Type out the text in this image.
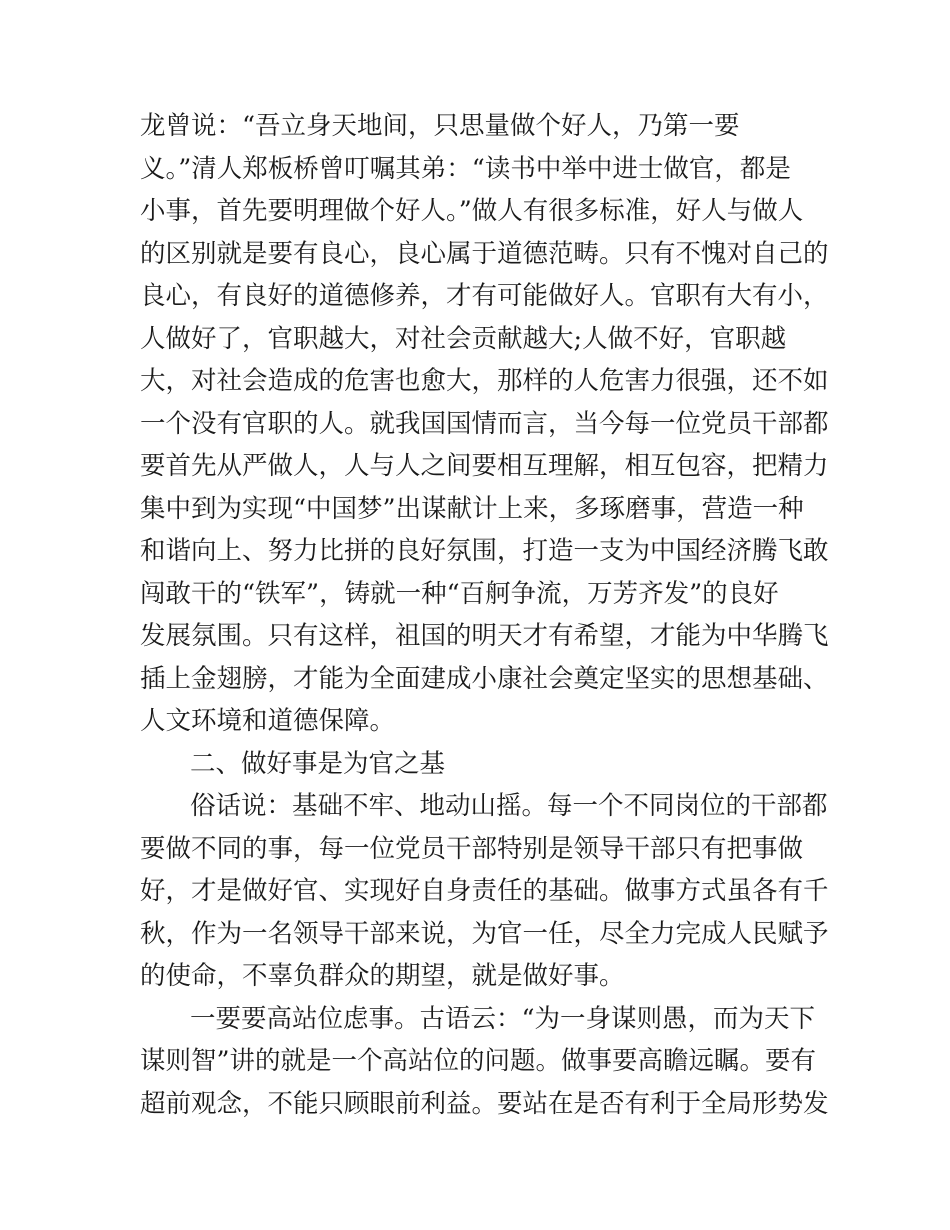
龙曾说：“吾立身天地间，只思量做个好人，乃第一要
义。”清人郑板桥曾叮嘱其弟：“读书中举中进士做官，都是
小事，首先要明理做个好人。”做人有很多标准，好人与做人
的区别就是要有良心，良心属于道德范畴。只有不愧对自己的
良心，有良好的道德修养，才有可能做好人。官职有大有小，
人做好了，官职越大，对社会贡献越大;人做不好，官职越
大，对社会造成的危害也愈大，那样的人危害力很强，还不如
一个没有官职的人。就我国国情而言，当今每一位党员干部都
要首先从严做人，人与人之间要相互理解，相互包容，把精力
集中到为实现“中国梦”出谋献计上来，多琢磨事，营造一种
和谐向上、努力比拼的良好氛围，打造一支为中国经济腾飞敢
闯敢干的“铁军”，铸就一种“百舸争流，万芳齐发”的良好
发展氛围。只有这样，祖国的明天才有希望，才能为中华腾飞
插上金翅膀，才能为全面建成小康社会奠定坚实的思想基础、
人文环境和道德保障。
二、做好事是为官之基
俗话说：基础不牢、地动山摇。每一个不同岗位的干部都
要做不同的事，每一位党员干部特别是领导干部只有把事做
好，才是做好官、实现好自身责任的基础。做事方式虽各有千
秋，作为一名领导干部来说，为官一任，尽全力完成人民赋予
的使命，不辜负群众的期望，就是做好事。
一要要高站位虑事。古语云：“为一身谋则愚，而为天下
谋则智”讲的就是一个高站位的问题。做事要高瞻远瞩。要有
超前观念，不能只顾眼前利益。要站在是否有利于全局形势发
